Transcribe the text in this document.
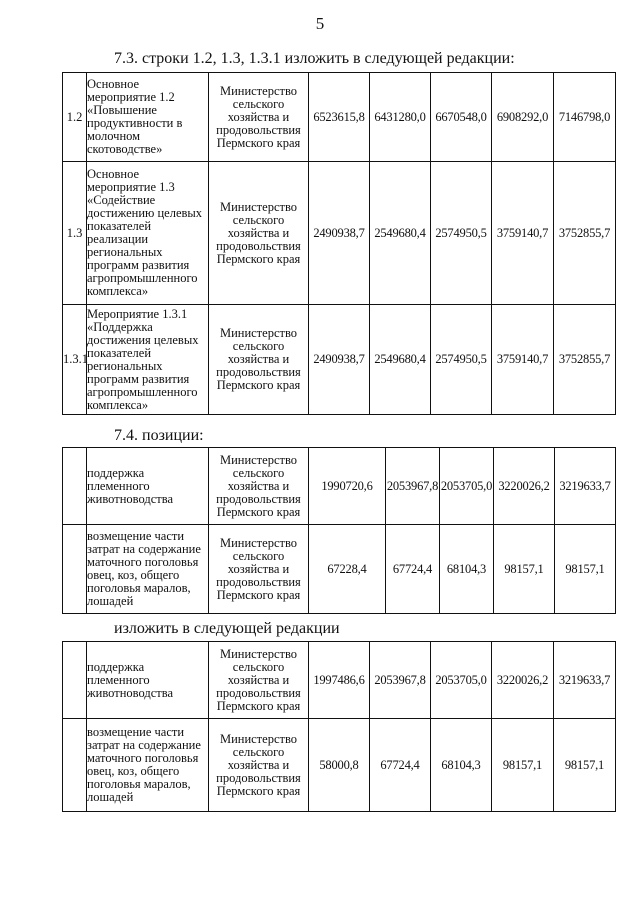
5
7.3. строки 1.2, 1.3, 1.3.1 изложить в следующей редакции:
1.2	Основное мероприятие 1.2 «Повышение продуктивности в молочном скотоводстве»	Министерство сельского хозяйства и продовольствия Пермского края	6523615,8	6431280,0	6670548,0	6908292,0	7146798,0
1.3	Основное мероприятие 1.3 «Содействие достижению целевых показателей реализации региональных программ развития агропромышленного комплекса»	Министерство сельского хозяйства и продовольствия Пермского края	2490938,7	2549680,4	2574950,5	3759140,7	3752855,7
1.3.1	Мероприятие 1.3.1 «Поддержка достижения целевых показателей региональных программ развития агропромышленного комплекса»	Министерство сельского хозяйства и продовольствия Пермского края	2490938,7	2549680,4	2574950,5	3759140,7	3752855,7
7.4. позиции:
	поддержка племенного животноводства	Министерство сельского хозяйства и продовольствия Пермского края	1990720,6	2053967,8	2053705,0	3220026,2	3219633,7
	возмещение части затрат на содержание маточного поголовья овец, коз, общего поголовья маралов, лошадей	Министерство сельского хозяйства и продовольствия Пермского края	67228,4	67724,4	68104,3	98157,1	98157,1
изложить в следующей редакции
	поддержка племенного животноводства	Министерство сельского хозяйства и продовольствия Пермского края	1997486,6	2053967,8	2053705,0	3220026,2	3219633,7
	возмещение части затрат на содержание маточного поголовья овец, коз, общего поголовья маралов, лошадей	Министерство сельского хозяйства и продовольствия Пермского края	58000,8	67724,4	68104,3	98157,1	98157,1
